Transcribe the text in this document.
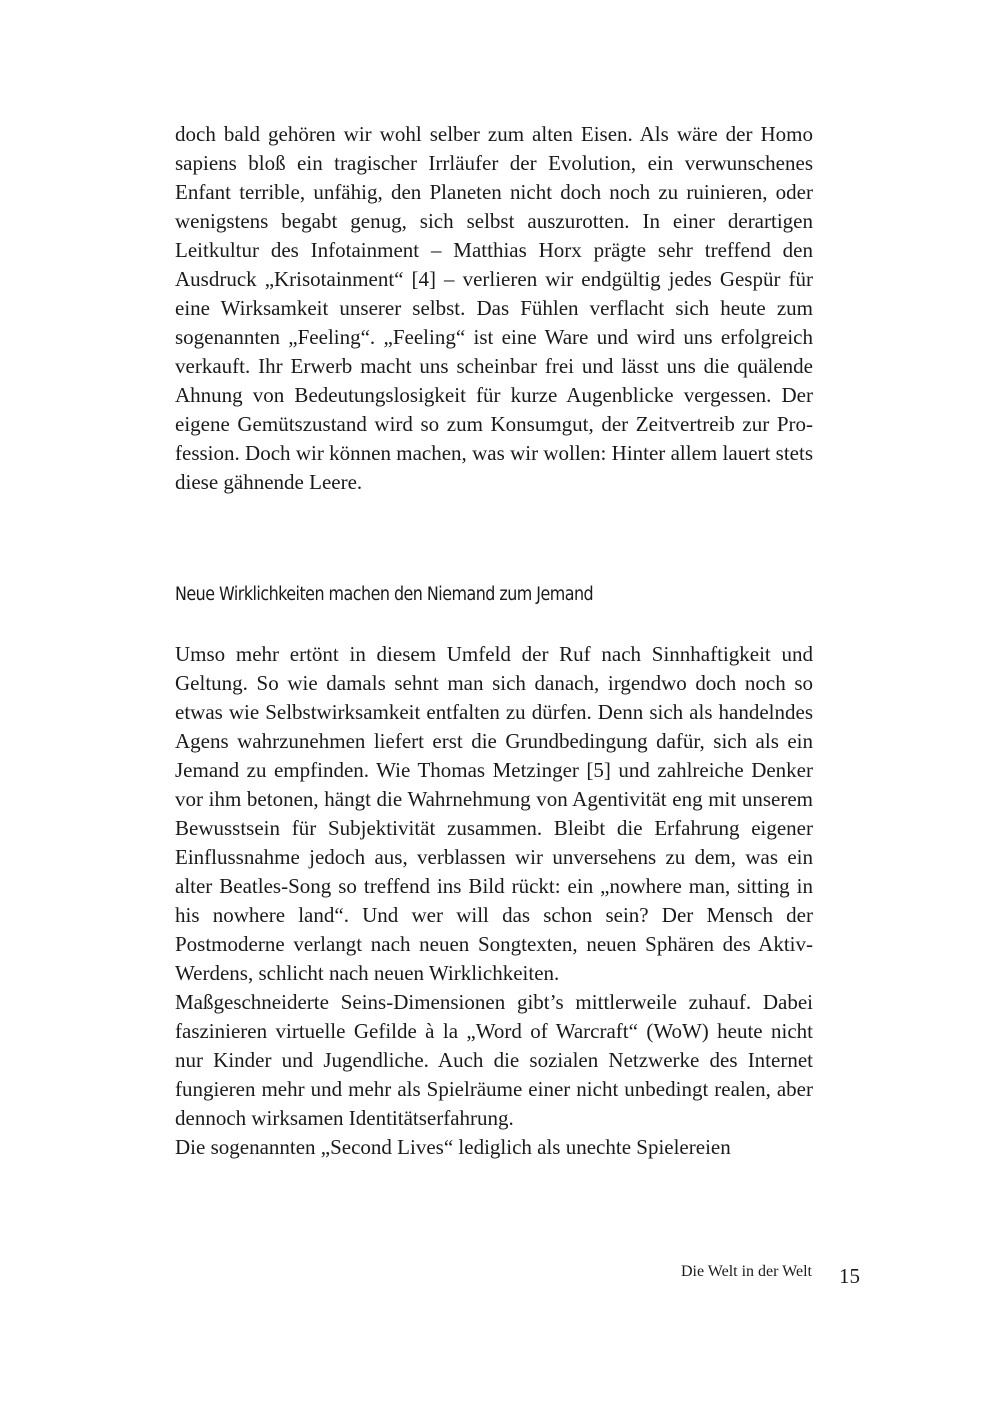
doch bald gehören wir wohl selber zum alten Eisen. Als wäre der Homo sapiens bloß ein tragischer Irrläufer der Evolution, ein verwunschenes Enfant terrible, unfähig, den Planeten nicht doch noch zu ruinieren, oder wenigstens begabt genug, sich selbst auszurotten. In einer derartigen Leitkultur des Infotainment – Matthias Horx prägte sehr treffend den Ausdruck „Krisotainment“ [4] – verlieren wir endgültig jedes Gespür für eine Wirksamkeit unserer selbst. Das Fühlen verflacht sich heute zum sogenannten „Feeling“. „Feeling“ ist eine Ware und wird uns erfolgreich verkauft. Ihr Erwerb macht uns scheinbar frei und lässt uns die quälende Ahnung von Bedeutungslosigkeit für kurze Augenblicke vergessen. Der eigene Gemütszustand wird so zum Konsumgut, der Zeitvertreib zur Profession. Doch wir können machen, was wir wollen: Hinter allem lauert stets diese gähnende Leere.

Neue Wirklichkeiten machen den Niemand zum Jemand

Umso mehr ertönt in diesem Umfeld der Ruf nach Sinnhaftigkeit und Geltung. So wie damals sehnt man sich danach, irgendwo doch noch so etwas wie Selbstwirksamkeit entfalten zu dürfen. Denn sich als handelndes Agens wahrzunehmen liefert erst die Grundbedingung dafür, sich als ein Jemand zu empfinden. Wie Thomas Metzinger [5] und zahlreiche Denker vor ihm betonen, hängt die Wahrnehmung von Agentivität eng mit unserem Bewusstsein für Subjektivität zusammen. Bleibt die Erfahrung eigener Einflussnahme jedoch aus, verblassen wir unversehens zu dem, was ein alter Beatles-Song so treffend ins Bild rückt: ein „nowhere man, sitting in his nowhere land“. Und wer will das schon sein? Der Mensch der Postmoderne verlangt nach neuen Songtexten, neuen Sphären des Aktiv-Werdens, schlicht nach neuen Wirklichkeiten.

Maßgeschneiderte Seins-Dimensionen gibt’s mittlerweile zuhauf. Dabei faszinieren virtuelle Gefilde à la „Word of Warcraft“ (WoW) heute nicht nur Kinder und Jugendliche. Auch die sozialen Netzwerke des Internet fungieren mehr und mehr als Spielräume einer nicht unbedingt realen, aber dennoch wirksamen Identitätserfahrung.

Die sogenannten „Second Lives“ lediglich als unechte Spielereien

Die Welt in der Welt 15
